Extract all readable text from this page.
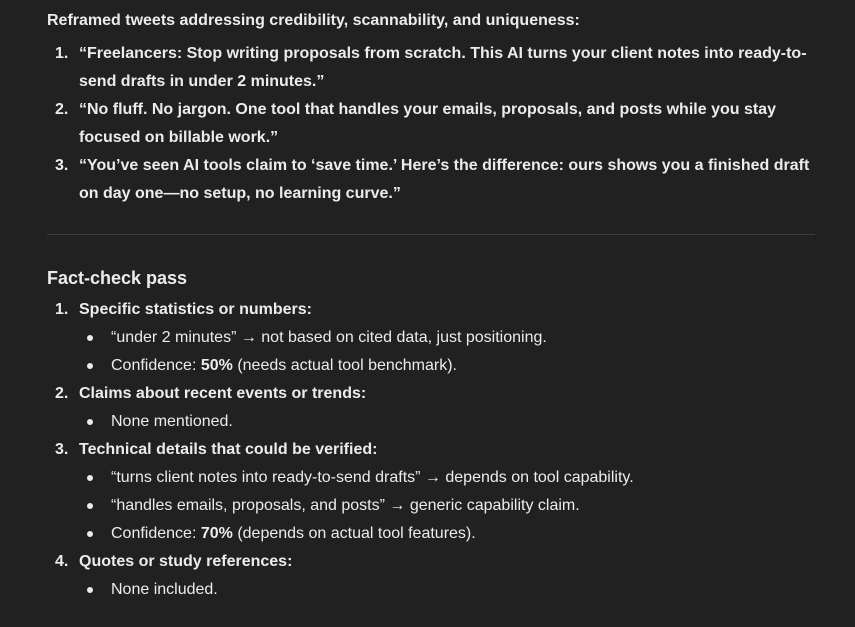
Reframed tweets addressing credibility, scannability, and uniqueness:
1. “Freelancers: Stop writing proposals from scratch. This AI turns your client notes into ready-to-send drafts in under 2 minutes.”
2. “No fluff. No jargon. One tool that handles your emails, proposals, and posts while you stay focused on billable work.”
3. “You’ve seen AI tools claim to ‘save time.’ Here’s the difference: ours shows you a finished draft on day one—no setup, no learning curve.”
Fact-check pass
1. Specific statistics or numbers:
“under 2 minutes” → not based on cited data, just positioning.
Confidence: 50% (needs actual tool benchmark).
2. Claims about recent events or trends:
None mentioned.
3. Technical details that could be verified:
“turns client notes into ready-to-send drafts” → depends on tool capability.
“handles emails, proposals, and posts” → generic capability claim.
Confidence: 70% (depends on actual tool features).
4. Quotes or study references:
None included.
